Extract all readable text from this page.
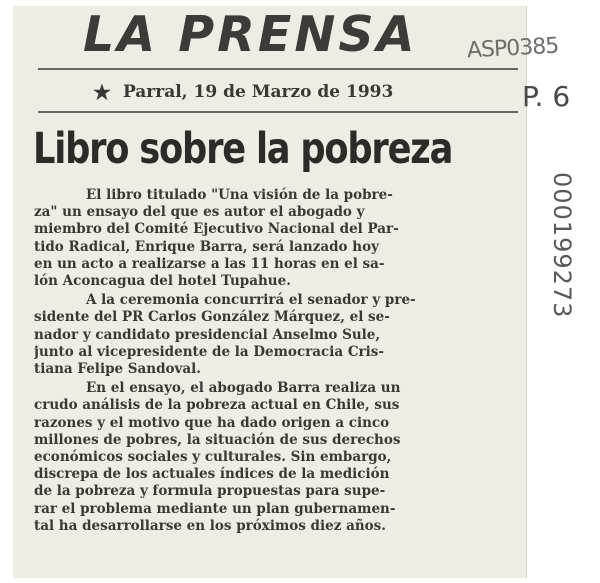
LA PRENSA
★ Parral, 19 de Marzo de 1993
Libro sobre la pobreza

El libro titulado "Una visión de la pobre-
za" un ensayo del que es autor el abogado y
miembro del Comité Ejecutivo Nacional del Par-
tido Radical, Enrique Barra, será lanzado hoy
en un acto a realizarse a las 11 horas en el sa-
lón Aconcagua del hotel Tupahue.

A la ceremonia concurrirá el senador y pre-
sidente del PR Carlos González Márquez, el se-
nador y candidato presidencial Anselmo Sule,
junto al vicepresidente de la Democracia Cris-
tiana Felipe Sandoval.

En el ensayo, el abogado Barra realiza un
crudo análisis de la pobreza actual en Chile, sus
razones y el motivo que ha dado origen a cinco
millones de pobres, la situación de sus derechos
económicos sociales y culturales. Sin embargo,
discrepa de los actuales índices de la medición
de la pobreza y formula propuestas para supe-
rar el problema mediante un plan gubernamen-
tal ha desarrollarse en los próximos diez años.

ASP0385
P. 6
000199273
